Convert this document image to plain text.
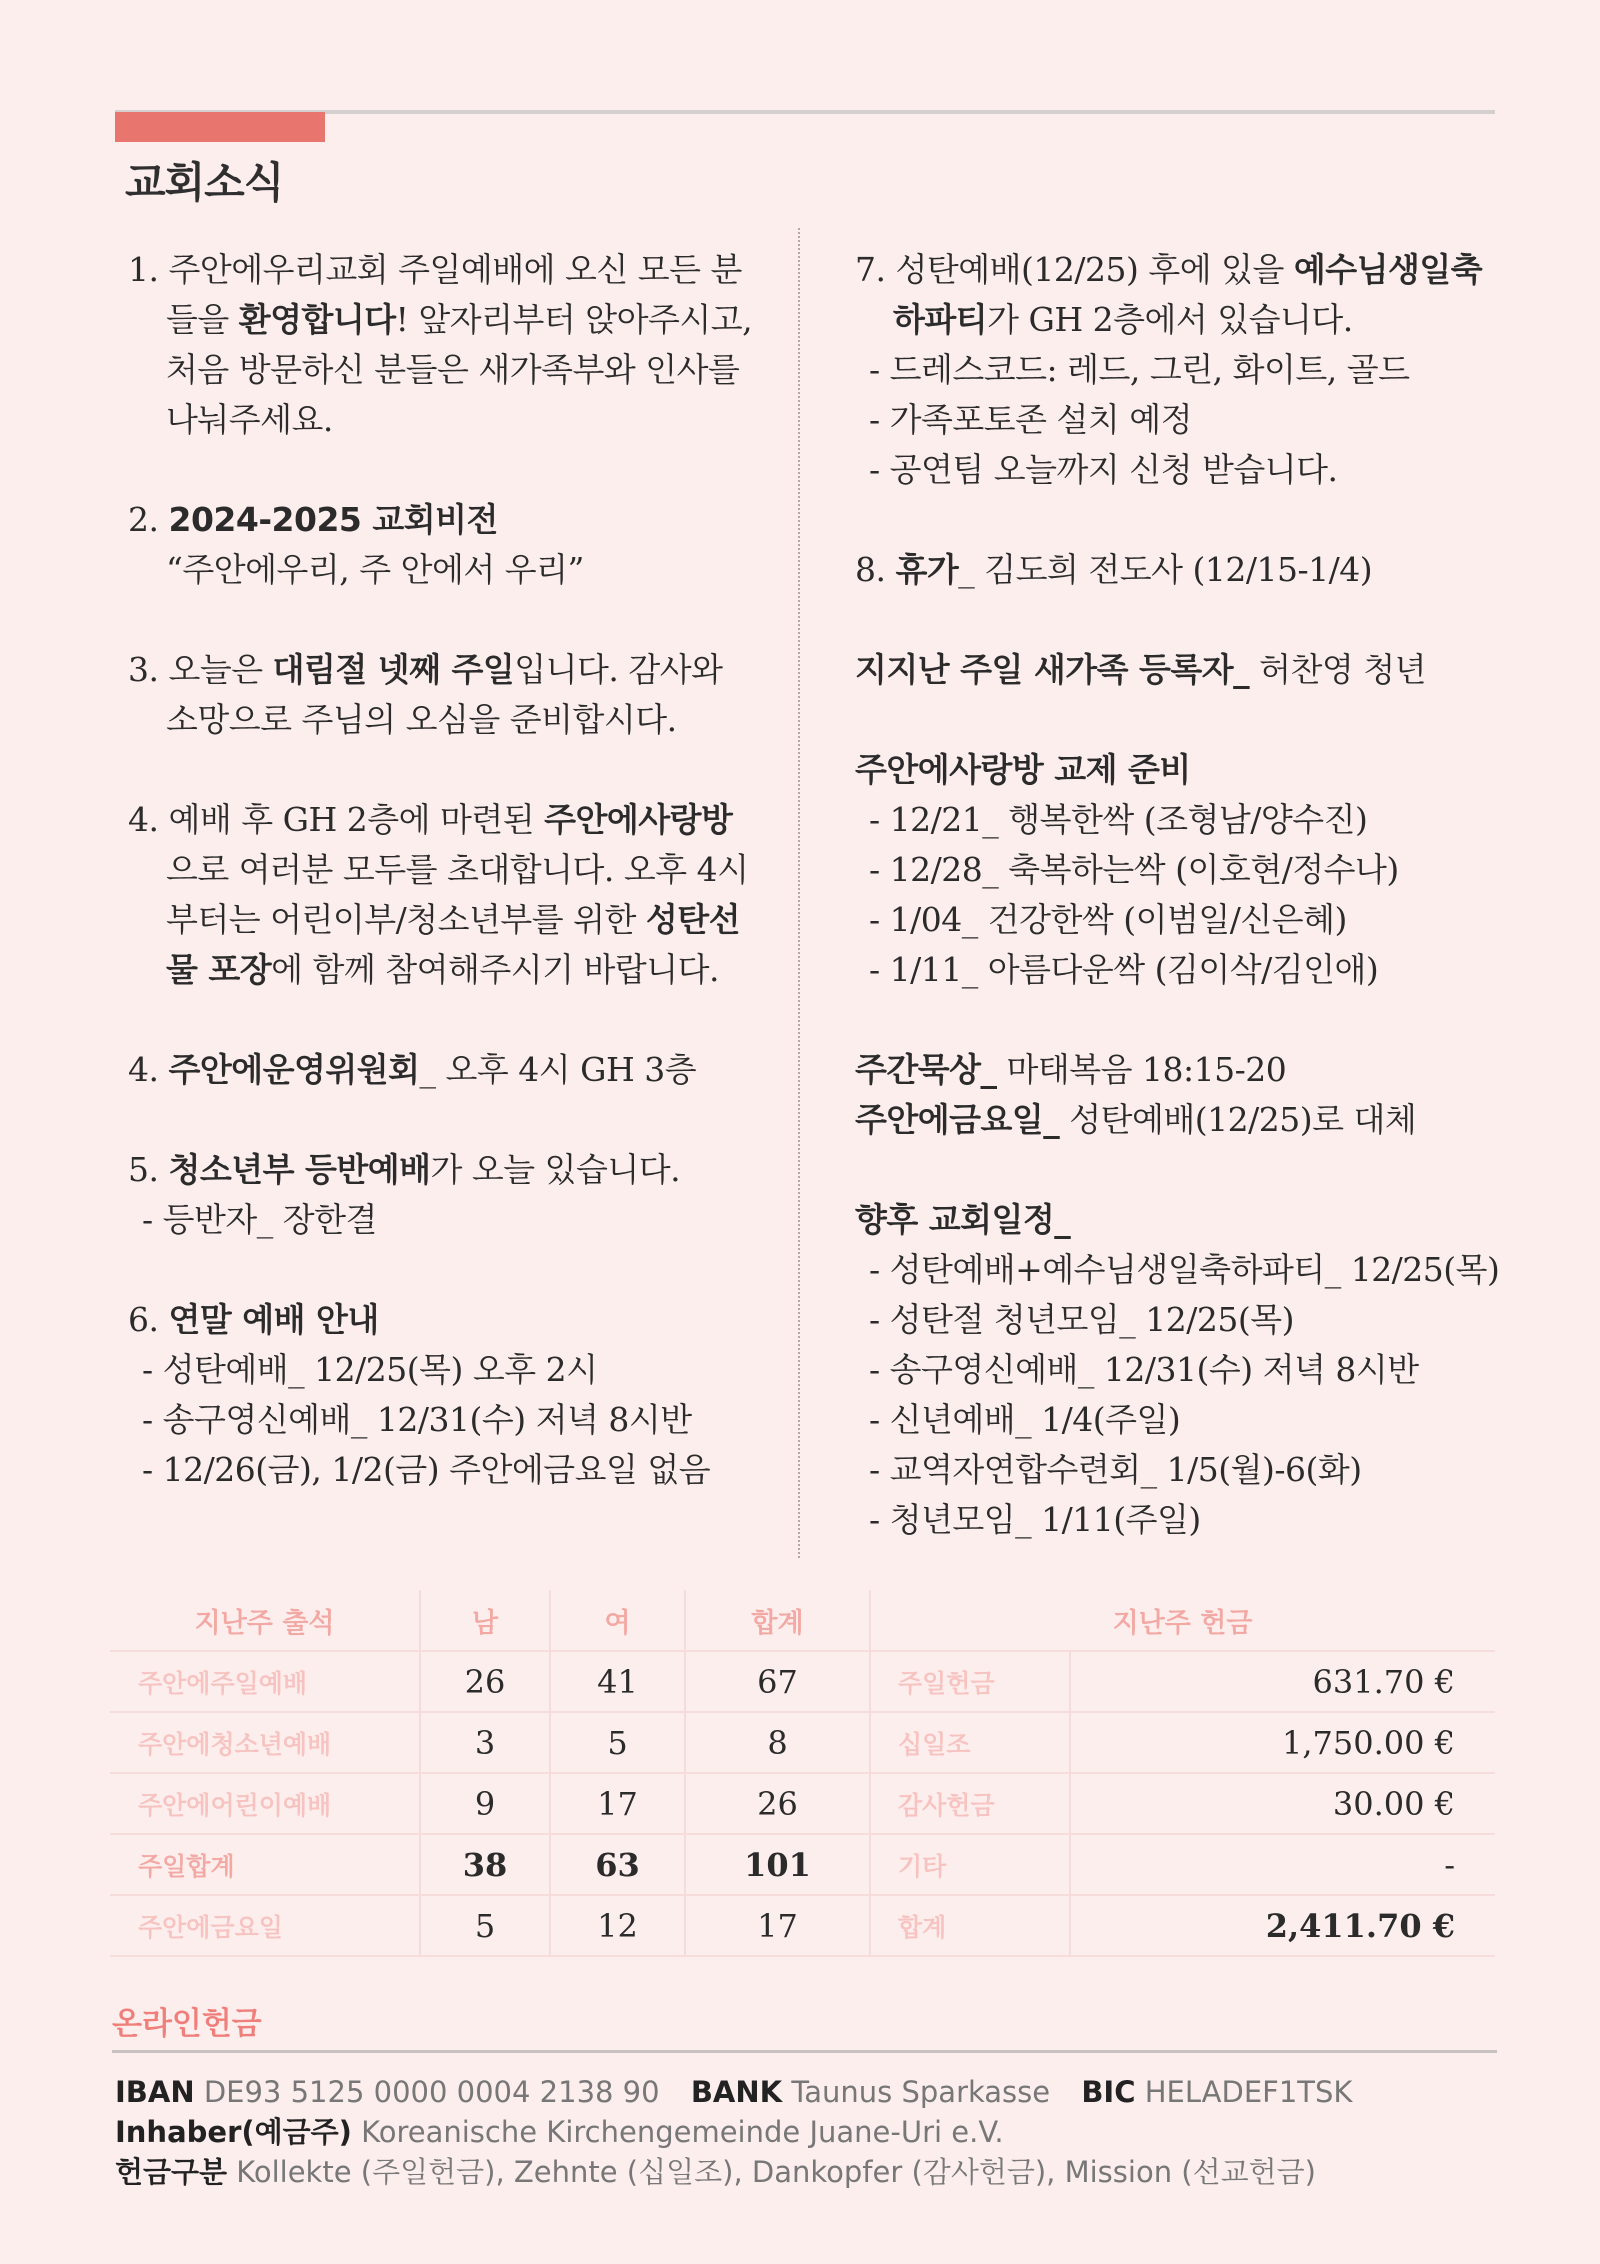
교회소식
1. 주안에우리교회 주일예배에 오신 모든 분
들을 환영합니다! 앞자리부터 앉아주시고,
처음 방문하신 분들은 새가족부와 인사를
나눠주세요.
2. 2024-2025 교회비전
“주안에우리, 주 안에서 우리”
3. 오늘은 대림절 넷째 주일입니다. 감사와
소망으로 주님의 오심을 준비합시다.
4. 예배 후 GH 2층에 마련된 주안에사랑방
으로 여러분 모두를 초대합니다. 오후 4시
부터는 어린이부/청소년부를 위한 성탄선
물 포장에 함께 참여해주시기 바랍니다.
4. 주안에운영위원회_ 오후 4시 GH 3층
5. 청소년부 등반예배가 오늘 있습니다.
- 등반자_ 장한결
6. 연말 예배 안내
- 성탄예배_ 12/25(목) 오후 2시
- 송구영신예배_ 12/31(수) 저녁 8시반
- 12/26(금), 1/2(금) 주안에금요일 없음
7. 성탄예배(12/25) 후에 있을 예수님생일축
하파티가 GH 2층에서 있습니다.
- 드레스코드: 레드, 그린, 화이트, 골드
- 가족포토존 설치 예정
- 공연팀 오늘까지 신청 받습니다.
8. 휴가_ 김도희 전도사 (12/15-1/4)
지지난 주일 새가족 등록자_ 허찬영 청년
주안에사랑방 교제 준비
- 12/21_ 행복한싹 (조형남/양수진)
- 12/28_ 축복하는싹 (이호현/정수나)
- 1/04_ 건강한싹 (이범일/신은혜)
- 1/11_ 아름다운싹 (김이삭/김인애)
주간묵상_ 마태복음 18:15-20
주안에금요일_ 성탄예배(12/25)로 대체
향후 교회일정_
- 성탄예배+예수님생일축하파티_ 12/25(목)
- 성탄절 청년모임_ 12/25(목)
- 송구영신예배_ 12/31(수) 저녁 8시반
- 신년예배_ 1/4(주일)
- 교역자연합수련회_ 1/5(월)-6(화)
- 청년모임_ 1/11(주일)
지난주 출석	남	여	합계
주안에주일예배	26	41	67
주안에청소년예배	3	5	8
주안에어린이예배	9	17	26
주일합계	38	63	101
주안에금요일	5	12	17
지난주 헌금	
주일헌금	631.70 €
십일조	1,750.00 €
감사헌금	30.00 €
기타	-
합계	2,411.70 €
온라인헌금
IBAN DE93 5125 0000 0004 2138 90 BANK Taunus Sparkasse BIC HELADEF1TSK
Inhaber(예금주) Koreanische Kirchengemeinde Juane-Uri e.V.
헌금구분 Kollekte (주일헌금), Zehnte (십일조), Dankopfer (감사헌금), Mission (선교헌금)
